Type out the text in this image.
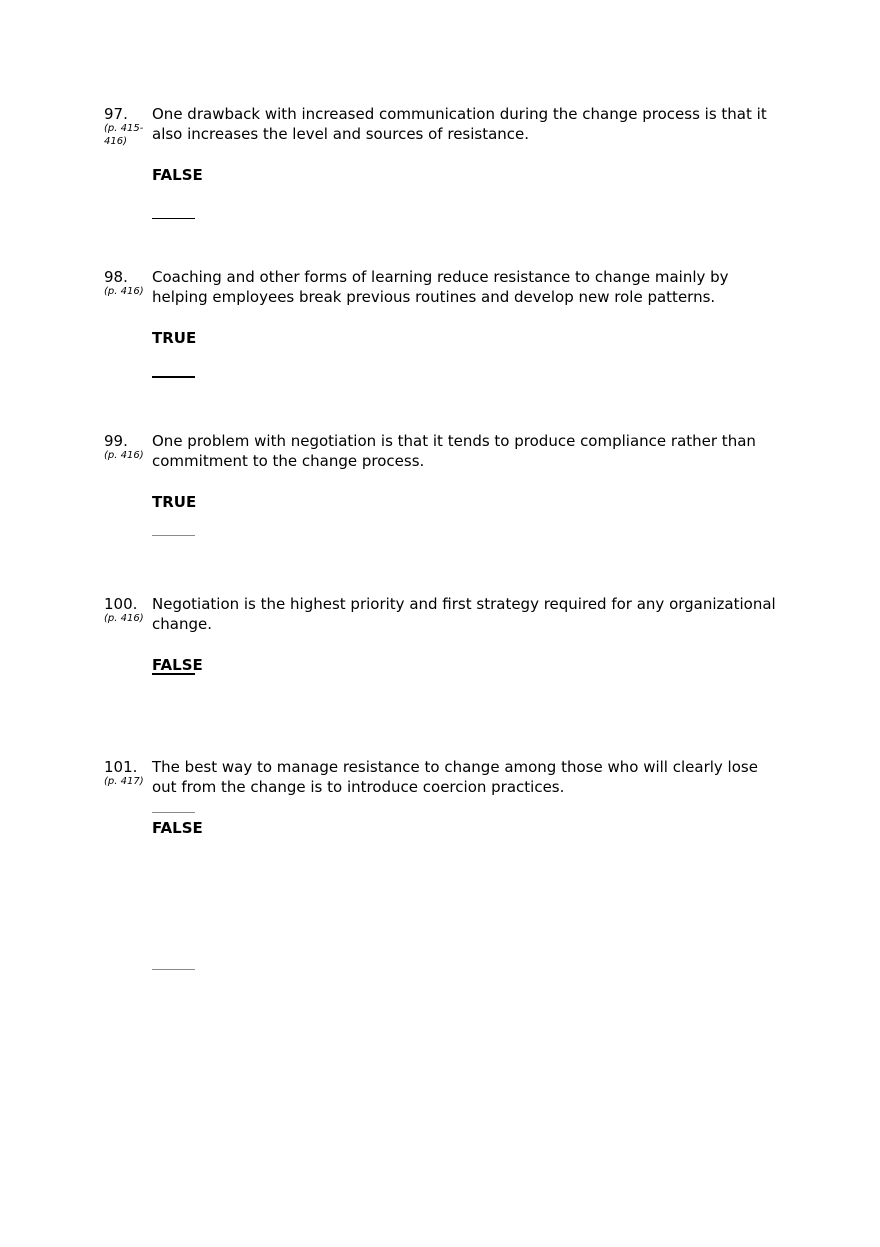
97.
(p. 415-
416)
One drawback with increased communication during the change process is that it
also increases the level and sources of resistance.
FALSE
98.
(p. 416)
Coaching and other forms of learning reduce resistance to change mainly by
helping employees break previous routines and develop new role patterns.
TRUE
99.
(p. 416)
One problem with negotiation is that it tends to produce compliance rather than
commitment to the change process.
TRUE
100.
(p. 416)
Negotiation is the highest priority and first strategy required for any organizational
change.
FALSE
101.
(p. 417)
The best way to manage resistance to change among those who will clearly lose
out from the change is to introduce coercion practices.
FALSE
